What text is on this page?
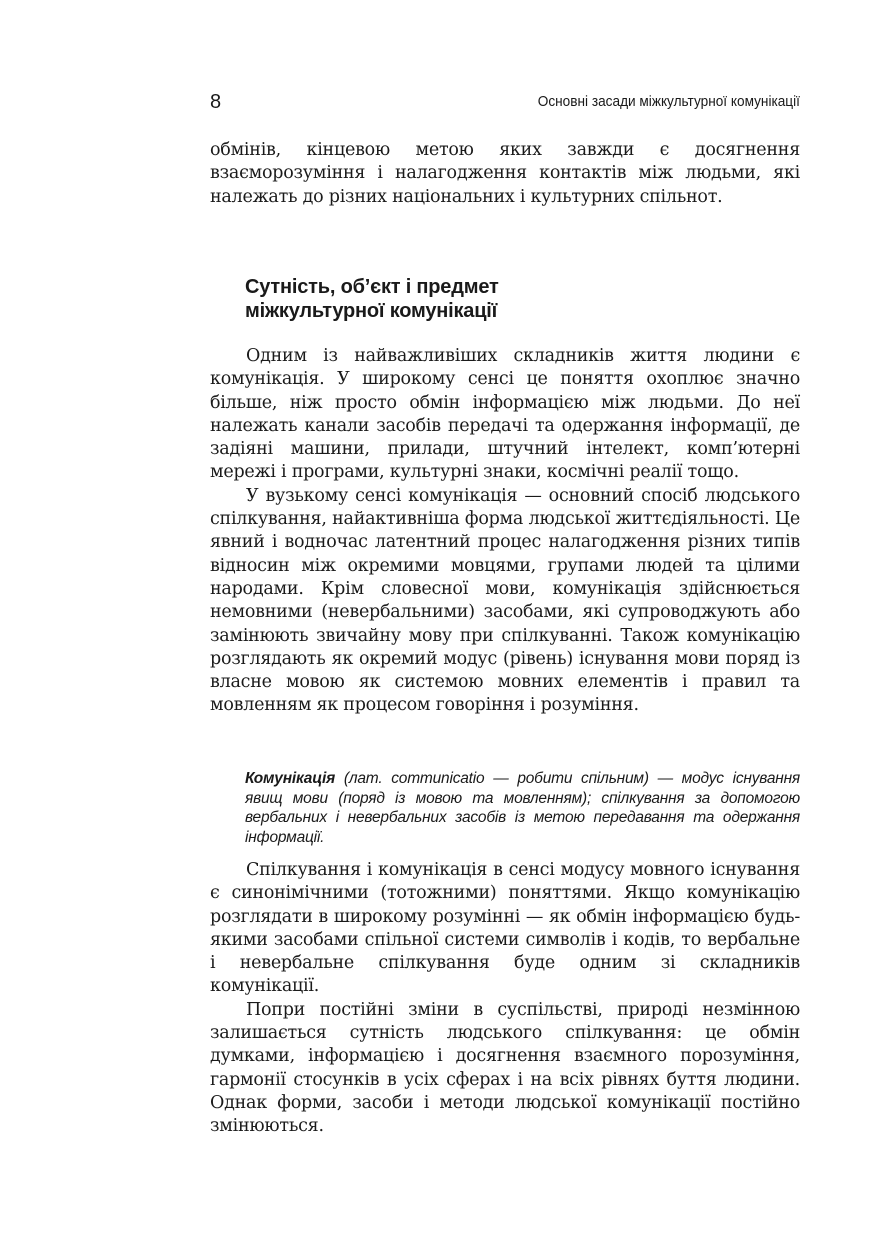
8	Основні засади міжкультурної комунікації

обмінів, кінцевою метою яких завжди є досягнення взаєморозуміння і налагодження контактів між людьми, які належать до різних національних і культурних спільнот.

Сутність, об’єкт і предмет
міжкультурної комунікації

Одним із найважливіших складників життя людини є комунікація. У широкому сенсі це поняття охоплює значно більше, ніж просто обмін інформацією між людьми. До неї належать канали засобів передачі та одержання інформації, де задіяні машини, прилади, штучний інтелект, комп’ютерні мережі і програми, культурні знаки, космічні реалії тощо.

У вузькому сенсі комунікація — основний спосіб людського спілкування, найактивніша форма людської життєдіяльності. Це явний і водночас латентний процес налагодження різних типів відносин між окремими мовцями, групами людей та цілими народами. Крім словесної мови, комунікація здійснюється немовними (невербальними) засобами, які супроводжують або замінюють звичайну мову при спілкуванні. Також комунікацію розглядають як окремий модус (рівень) існування мови поряд із власне мовою як системою мовних елементів і правил та мовленням як процесом говоріння і розуміння.

Комунікація (лат. communicatio — робити спільним) — модус існування явищ мови (поряд із мовою та мовленням); спілкування за допомогою вербальних і невербальних засобів із метою передавання та одержання інформації.

Спілкування і комунікація в сенсі модусу мовного існування є синонімічними (тотожними) поняттями. Якщо комунікацію розглядати в широкому розумінні — як обмін інформацією будь-якими засобами спільної системи символів і кодів, то вербальне і невербальне спілкування буде одним зі складників комунікації.

Попри постійні зміни в суспільстві, природі незмінною залишається сутність людського спілкування: це обмін думками, інформацією і досягнення взаємного порозуміння, гармонії стосунків в усіх сферах і на всіх рівнях буття людини. Однак форми, засоби і методи людської комунікації постійно змінюються.
